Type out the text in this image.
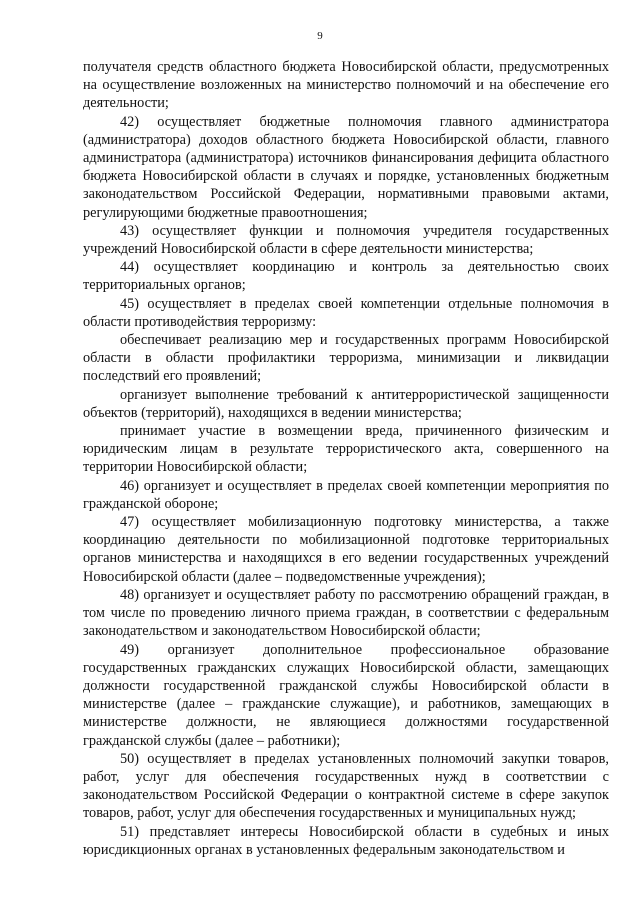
9

получателя средств областного бюджета Новосибирской области, предусмотренных на осуществление возложенных на министерство полномочий и на обеспечение его деятельности;

42) осуществляет бюджетные полномочия главного администратора (администратора) доходов областного бюджета Новосибирской области, главного администратора (администратора) источников финансирования дефицита областного бюджета Новосибирской области в случаях и порядке, установленных бюджетным законодательством Российской Федерации, нормативными правовыми актами, регулирующими бюджетные правоотношения;

43) осуществляет функции и полномочия учредителя государственных учреждений Новосибирской области в сфере деятельности министерства;

44) осуществляет координацию и контроль за деятельностью своих территориальных органов;

45) осуществляет в пределах своей компетенции отдельные полномочия в области противодействия терроризму:

обеспечивает реализацию мер и государственных программ Новосибирской области в области профилактики терроризма, минимизации и ликвидации последствий его проявлений;

организует выполнение требований к антитеррористической защищенности объектов (территорий), находящихся в ведении министерства;

принимает участие в возмещении вреда, причиненного физическим и юридическим лицам в результате террористического акта, совершенного на территории Новосибирской области;

46) организует и осуществляет в пределах своей компетенции мероприятия по гражданской обороне;

47) осуществляет мобилизационную подготовку министерства, а также координацию деятельности по мобилизационной подготовке территориальных органов министерства и находящихся в его ведении государственных учреждений Новосибирской области (далее – подведомственные учреждения);

48) организует и осуществляет работу по рассмотрению обращений граждан, в том числе по проведению личного приема граждан, в соответствии с федеральным законодательством и законодательством Новосибирской области;

49) организует дополнительное профессиональное образование государственных гражданских служащих Новосибирской области, замещающих должности государственной гражданской службы Новосибирской области в министерстве (далее – гражданские служащие), и работников, замещающих в министерстве должности, не являющиеся должностями государственной гражданской службы (далее – работники);

50) осуществляет в пределах установленных полномочий закупки товаров, работ, услуг для обеспечения государственных нужд в соответствии с законодательством Российской Федерации о контрактной системе в сфере закупок товаров, работ, услуг для обеспечения государственных и муниципальных нужд;

51) представляет интересы Новосибирской области в судебных и иных юрисдикционных органах в установленных федеральным законодательством и
